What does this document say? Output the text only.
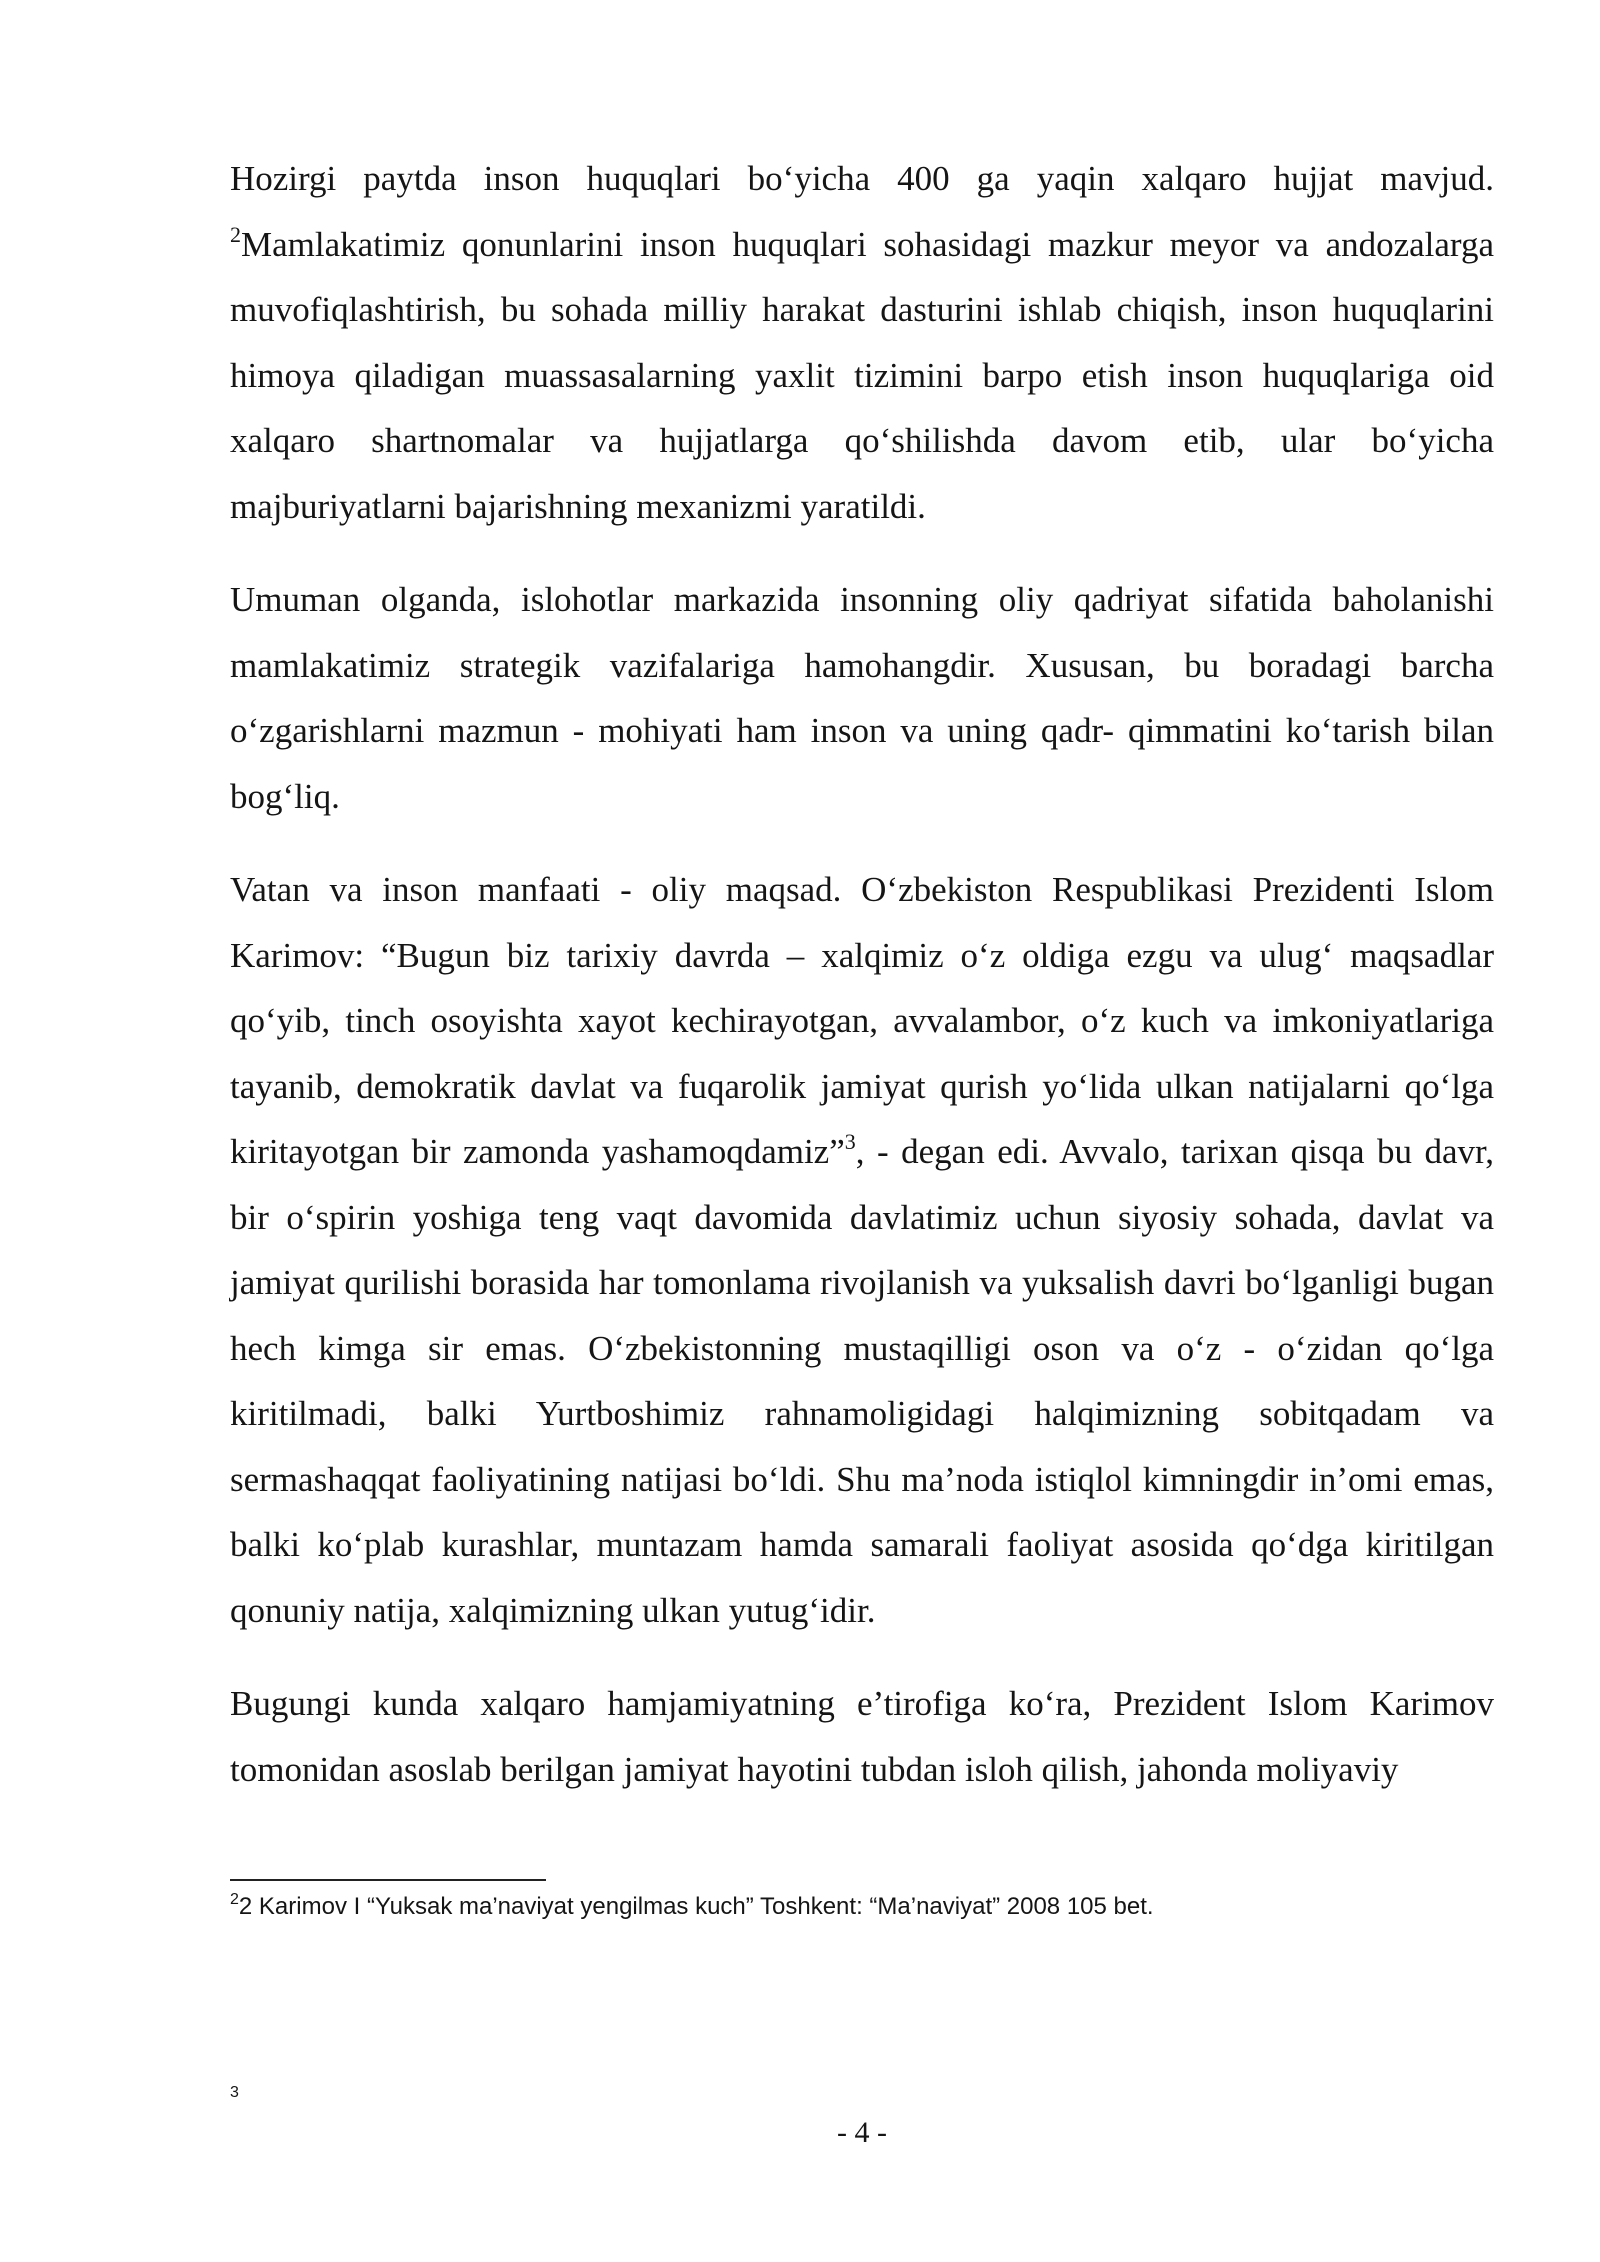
Hozirgi paytda inson huquqlari bo‘yicha 400 ga yaqin xalqaro hujjat mavjud. $^2$Mamlakatimiz qonunlarini inson huquqlari sohasidagi mazkur meyor va andozalarga muvofiqlashtirish, bu sohada milliy harakat dasturini ishlab chiqish, inson huquqlarini himoya qiladigan muassasalarning yaxlit tizimini barpo etish inson huquqlariga oid xalqaro shartnomalar va hujjatlarga qo‘shilishda davom etib, ular bo‘yicha majburiyatlarni bajarishning mexanizmi yaratildi.

Umuman olganda, islohotlar markazida insonning oliy qadriyat sifatida baholanishi mamlakatimiz strategik vazifalariga hamohangdir. Xususan, bu boradagi barcha o‘zgarishlarni mazmun - mohiyati ham inson va uning qadr- qimmatini ko‘tarish bilan bog‘liq.

Vatan va inson manfaati - oliy maqsad. O‘zbekiston Respublikasi Prezidenti Islom Karimov: “Bugun biz tarixiy davrda – xalqimiz o‘z oldiga ezgu va ulug‘ maqsadlar qo‘yib, tinch osoyishta xayot kechirayotgan, avvalambor, o‘z kuch va imkoniyatlariga tayanib, demokratik davlat va fuqarolik jamiyat qurish yo‘lida ulkan natijalarni qo‘lga kiritayotgan bir zamonda yashamoqdamiz”$^3$, - degan edi. Avvalo, tarixan qisqa bu davr, bir o‘spirin yoshiga teng vaqt davomida davlatimiz uchun siyosiy sohada, davlat va jamiyat qurilishi borasida har tomonlama rivojlanish va yuksalish davri bo‘lganligi bugan hech kimga sir emas. O‘zbekistonning mustaqilligi oson va o‘z - o‘zidan qo‘lga kiritilmadi, balki Yurtboshimiz rahnamoligidagi halqimizning sobitqadam va sermashaqqat faoliyatining natijasi bo‘ldi. Shu ma’noda istiqlol kimningdir in’omi emas, balki ko‘plab kurashlar, muntazam hamda samarali faoliyat asosida qo‘dga kiritilgan qonuniy natija, xalqimizning ulkan yutug‘idir.

Bugungi kunda xalqaro hamjamiyatning e’tirofiga ko‘ra, Prezident Islom Karimov tomonidan asoslab berilgan jamiyat hayotini tubdan isloh qilish, jahonda moliyaviy

$^2$2 Karimov I “Yuksak ma’naviyat yengilmas kuch” Toshkent: “Ma’naviyat” 2008 105 bet.
3
- 4 -
